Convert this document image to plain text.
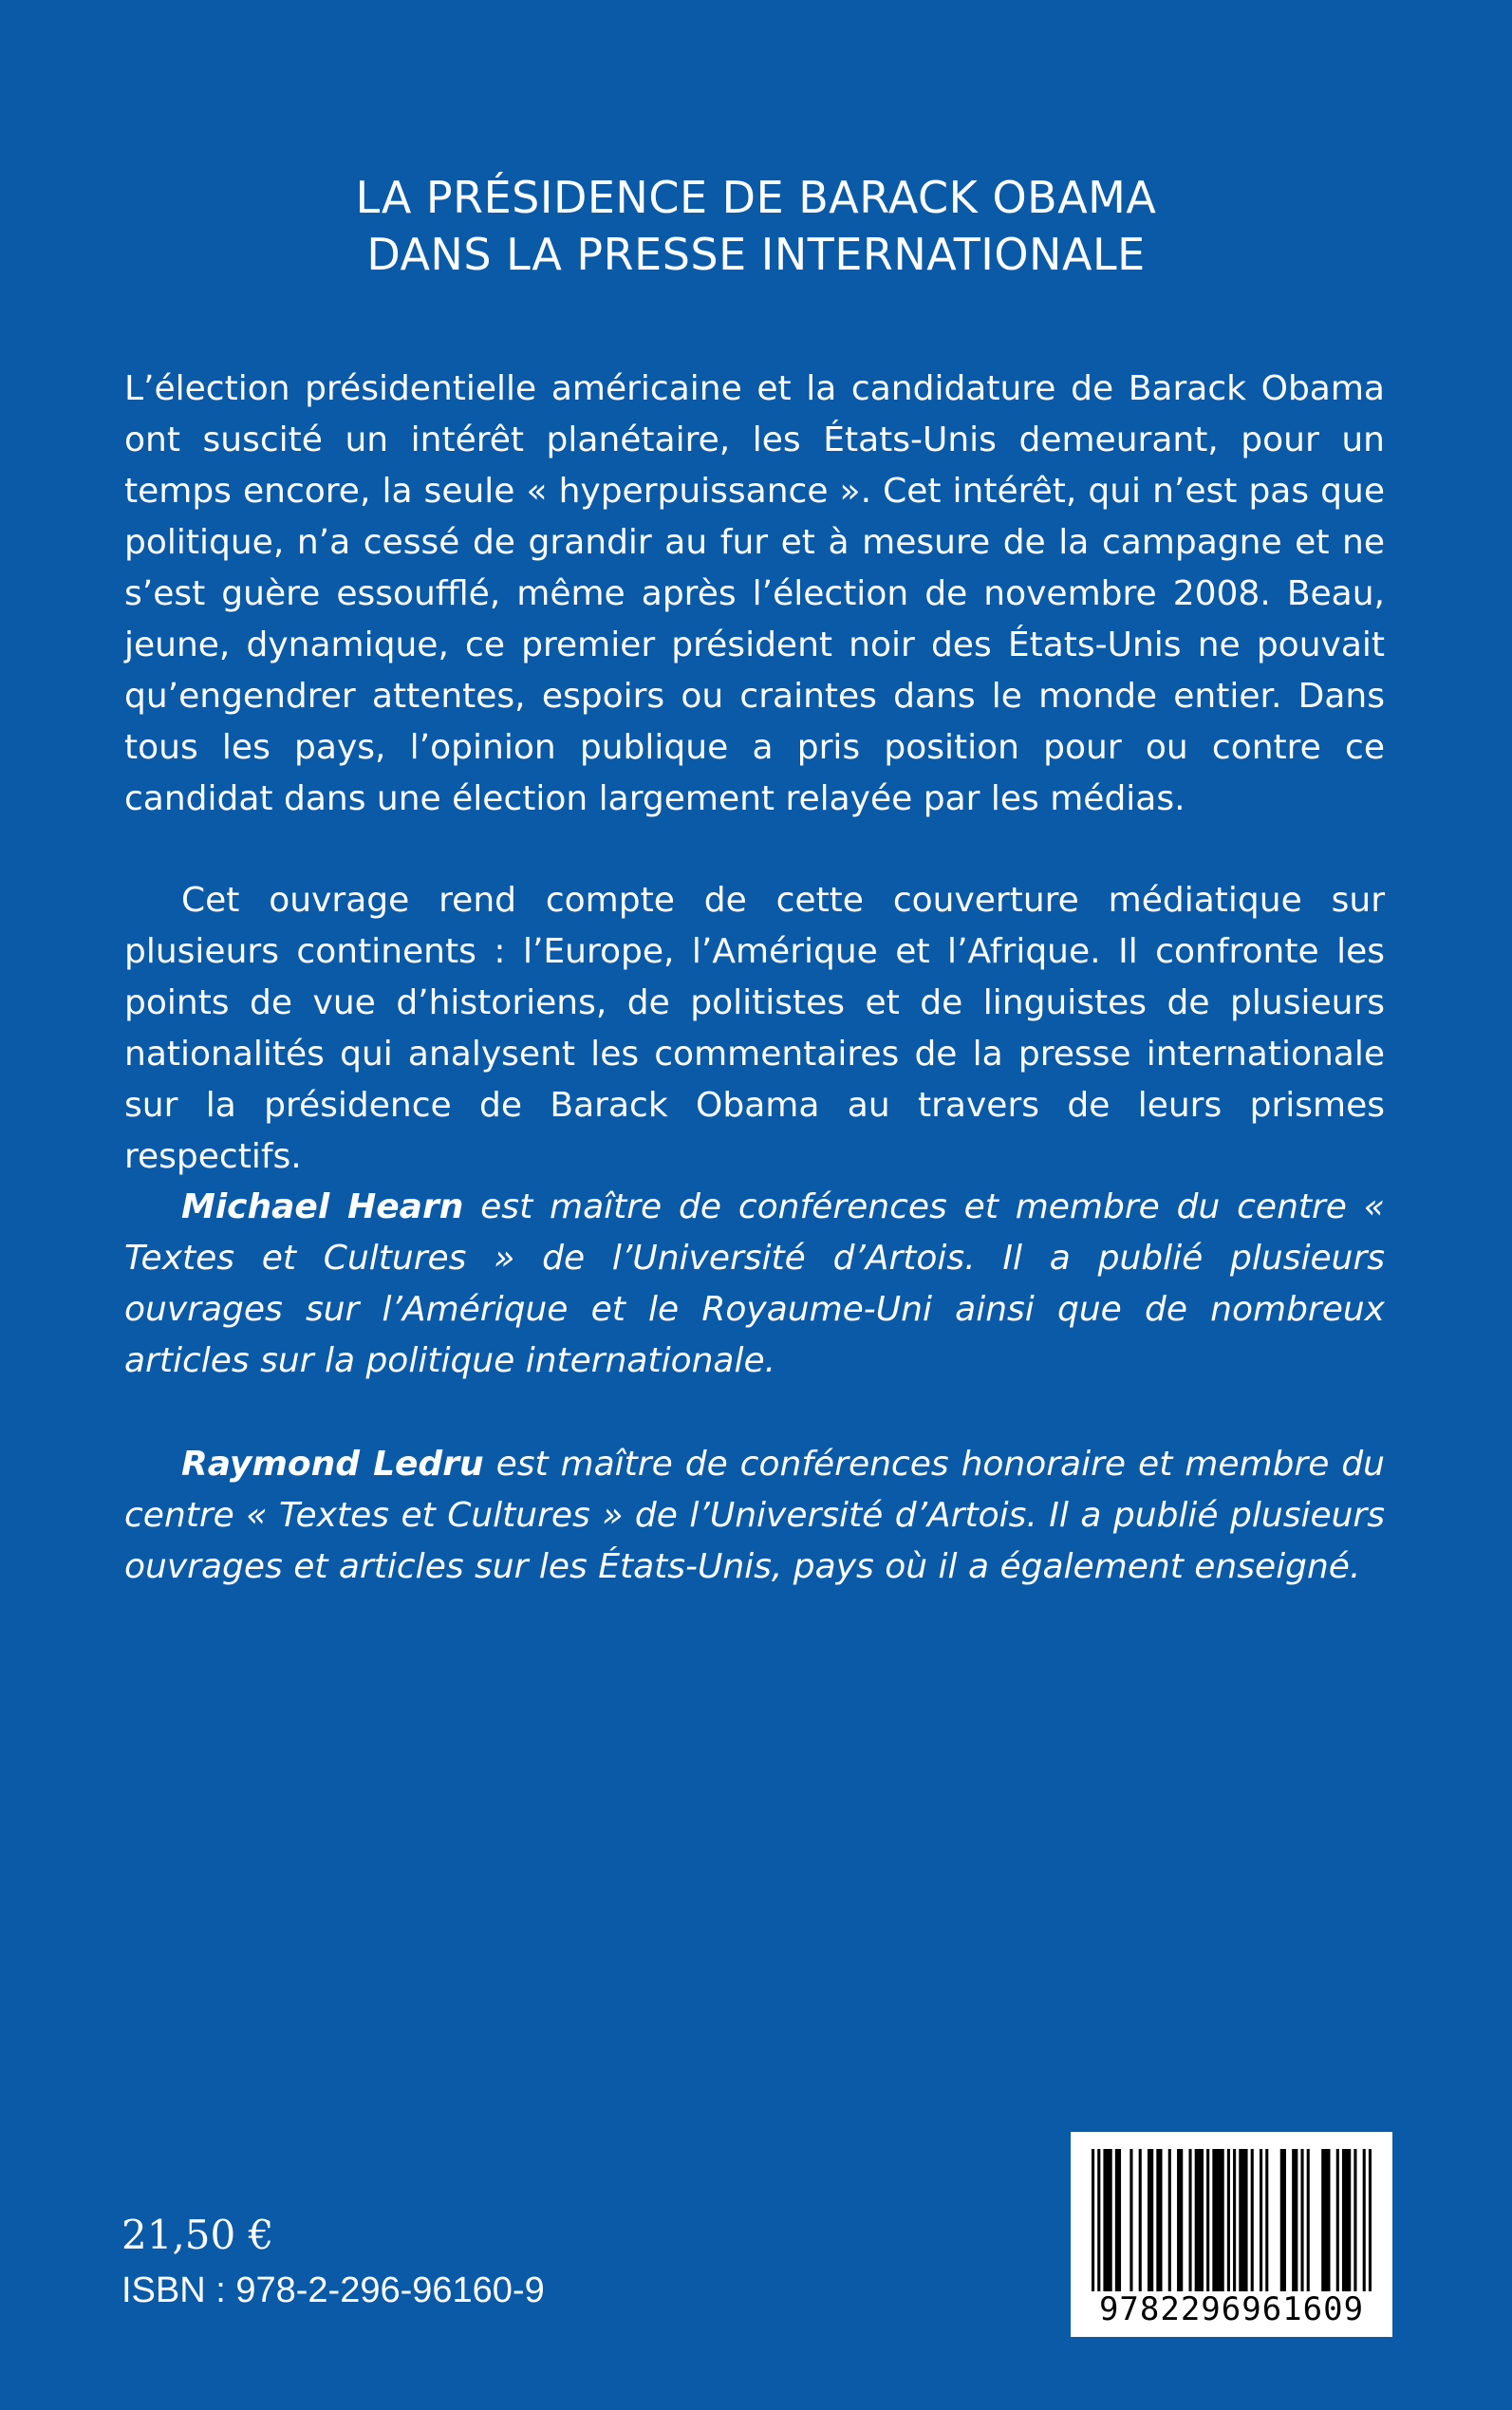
LA PRÉSIDENCE DE BARACK OBAMA
DANS LA PRESSE INTERNATIONALE

L’élection présidentielle américaine et la candidature de Barack Obama ont suscité un intérêt planétaire, les États-Unis demeurant, pour un temps encore, la seule « hyperpuissance ». Cet intérêt, qui n’est pas que politique, n’a cessé de grandir au fur et à mesure de la campagne et ne s’est guère essoufflé, même après l’élection de novembre 2008. Beau, jeune, dynamique, ce premier président noir des États-Unis ne pouvait qu’engendrer attentes, espoirs ou craintes dans le monde entier. Dans tous les pays, l’opinion publique a pris position pour ou contre ce candidat dans une élection largement relayée par les médias.

Cet ouvrage rend compte de cette couverture médiatique sur plusieurs continents : l’Europe, l’Amérique et l’Afrique. Il confronte les points de vue d’historiens, de politistes et de linguistes de plusieurs nationalités qui analysent les commentaires de la presse internationale sur la présidence de Barack Obama au travers de leurs prismes respectifs.

Michael Hearn est maître de conférences et membre du centre « Textes et Cultures » de l’Université d’Artois. Il a publié plusieurs ouvrages sur l’Amérique et le Royaume-Uni ainsi que de nombreux articles sur la politique internationale.

Raymond Ledru est maître de conférences honoraire et membre du centre « Textes et Cultures » de l’Université d’Artois. Il a publié plusieurs ouvrages et articles sur les États-Unis, pays où il a également enseigné.

21,50 €
ISBN : 978-2-296-96160-9	9782296961609
